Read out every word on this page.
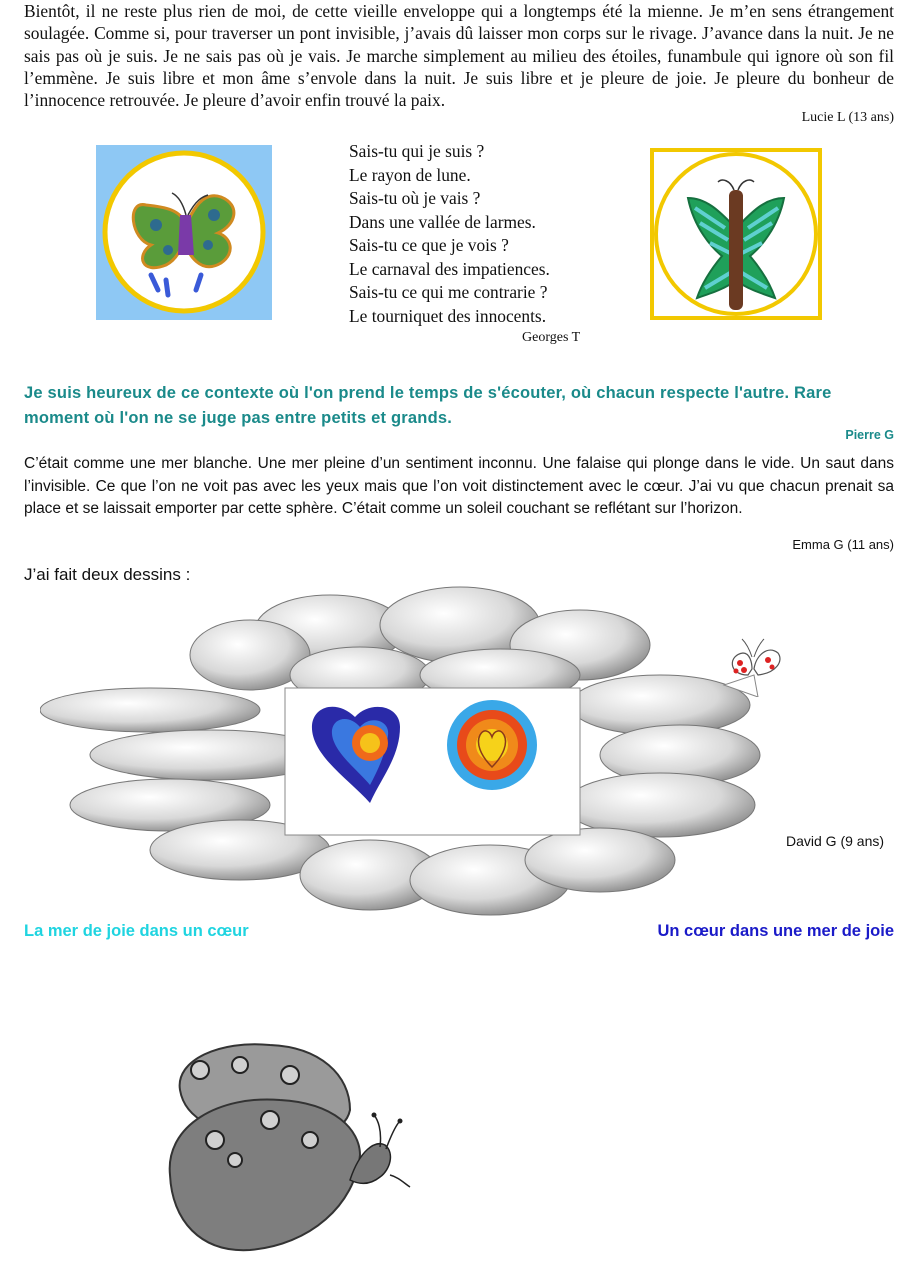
Bientôt, il ne reste plus rien de moi, de cette vieille enveloppe qui a longtemps été la mienne. Je m’en sens étrangement soulagée. Comme si, pour traverser un pont invisible, j’avais dû laisser mon corps sur le rivage. J’avance dans la nuit. Je ne sais pas où je suis. Je ne sais pas où je vais. Je marche simplement au milieu des étoiles, funambule qui ignore où son fil l’emmène. Je suis libre et mon âme s’envole dans la nuit. Je suis libre et je pleure de joie. Je pleure du bonheur de l’innocence retrouvée. Je pleure d’avoir enfin trouvé la paix.
Lucie L (13 ans)
Sais-tu qui je suis ?
Le rayon de lune.
Sais-tu où je vais ?
Dans une vallée de larmes.
Sais-tu ce que je vois ?
Le carnaval des impatiences.
Sais-tu ce qui me contrarie ?
Le tourniquet des innocents.
Georges T
Je suis heureux de ce contexte où l'on prend le temps de s'écouter, où chacun respecte l'autre. Rare moment où l'on ne se juge pas entre petits et grands.
Pierre G
C’était comme une mer blanche. Une mer pleine d’un sentiment inconnu. Une falaise qui plonge dans le vide. Un saut dans l’invisible. Ce que l’on ne voit pas avec les yeux mais que l’on voit distinctement avec le cœur. J’ai vu que chacun prenait sa place et se laissait emporter par cette sphère. C’était comme un soleil couchant se reflétant sur l’horizon.
Emma G (11 ans)
J’ai fait deux dessins :
David G (9 ans)
La mer de joie dans un cœur	Un cœur dans une mer de joie
